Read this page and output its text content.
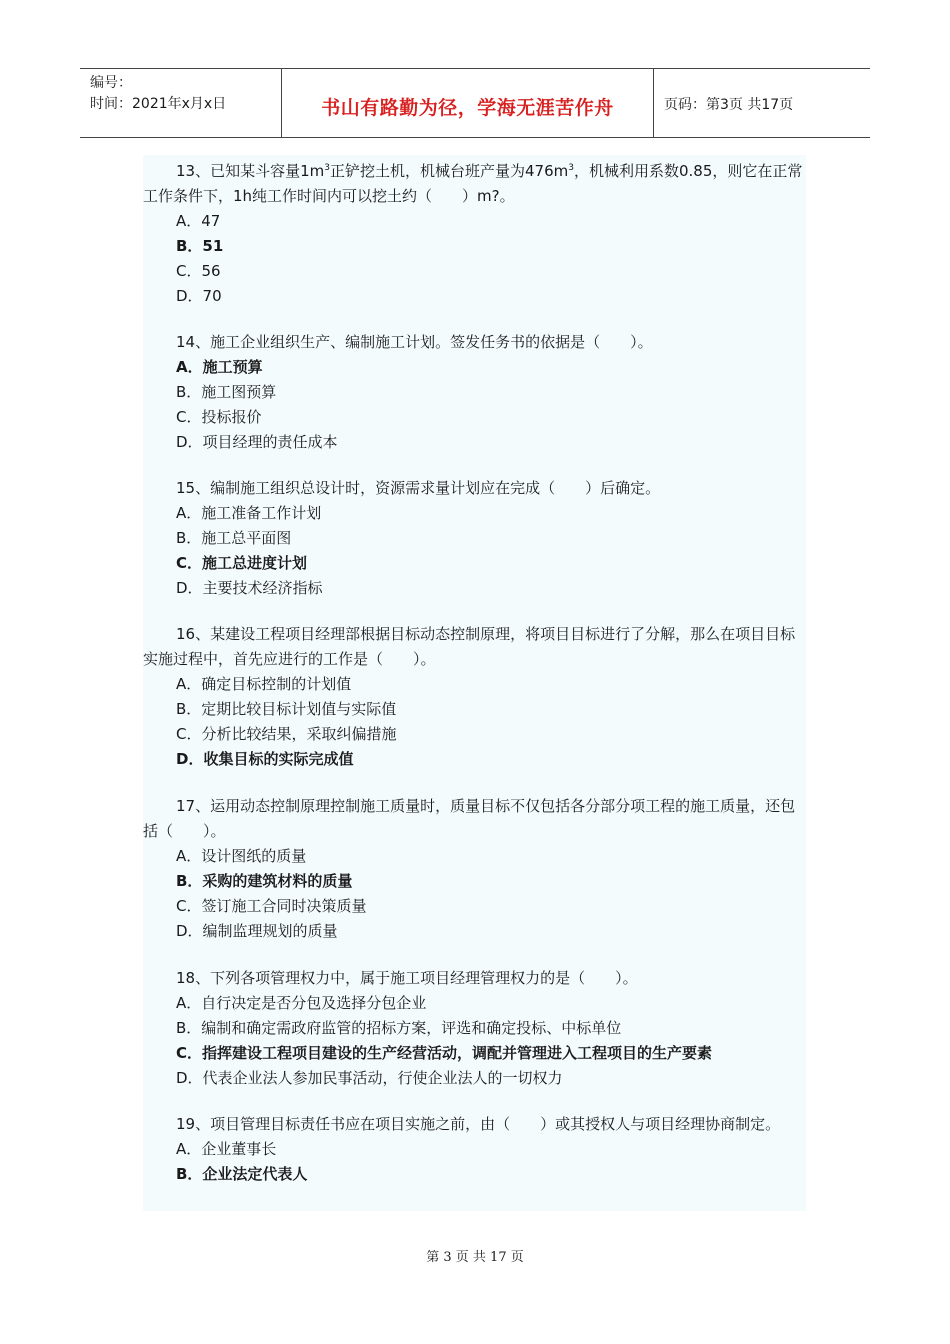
编号：
时间：2021年x月x日	书山有路勤为径，学海无涯苦作舟	页码：第3页 共17页

13、已知某斗容量$1m^3$正铲挖土机，机械台班产量为$476m^3$，机械利用系数0.85，则它在正常工作条件下，1h纯工作时间内可以挖土约（　　）m?。

A．47

B．51

C．56

D．70

14、施工企业组织生产、编制施工计划。签发任务书的依据是（　　）。

A．施工预算

B．施工图预算

C．投标报价

D．项目经理的责任成本

15、编制施工组织总设计时，资源需求量计划应在完成（　　）后确定。

A．施工准备工作计划

B．施工总平面图

C．施工总进度计划

D．主要技术经济指标

16、某建设工程项目经理部根据目标动态控制原理，将项目目标进行了分解，那么在项目目标实施过程中，首先应进行的工作是（　　）。

A．确定目标控制的计划值

B．定期比较目标计划值与实际值

C．分析比较结果，采取纠偏措施

D．收集目标的实际完成值

17、运用动态控制原理控制施工质量时，质量目标不仅包括各分部分项工程的施工质量，还包括（　　）。

A．设计图纸的质量

B．采购的建筑材料的质量

C．签订施工合同时决策质量

D．编制监理规划的质量

18、下列各项管理权力中，属于施工项目经理管理权力的是（　　）。

A．自行决定是否分包及选择分包企业

B．编制和确定需政府监管的招标方案，评选和确定投标、中标单位

C．指挥建设工程项目建设的生产经营活动，调配并管理进入工程项目的生产要素

D．代表企业法人参加民事活动，行使企业法人的一切权力

19、项目管理目标责任书应在项目实施之前，由（　　）或其授权人与项目经理协商制定。

A．企业董事长

B．企业法定代表人

第 3 页 共 17 页
